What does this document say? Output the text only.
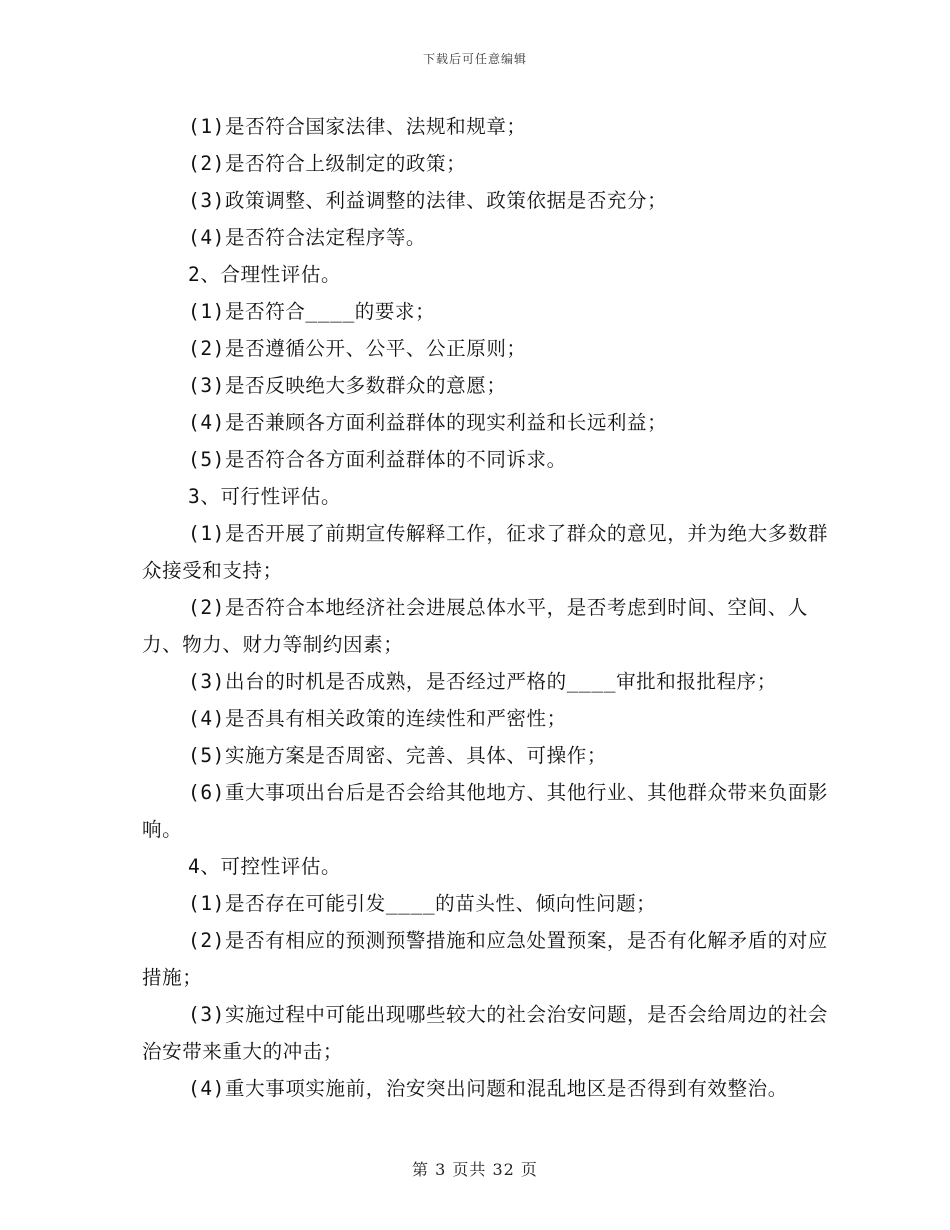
下载后可任意编辑

(1)是否符合国家法律、法规和规章；

(2)是否符合上级制定的政策；

(3)政策调整、利益调整的法律、政策依据是否充分；

(4)是否符合法定程序等。

2、合理性评估。

(1)是否符合____的要求；

(2)是否遵循公开、公平、公正原则；

(3)是否反映绝大多数群众的意愿；

(4)是否兼顾各方面利益群体的现实利益和长远利益；

(5)是否符合各方面利益群体的不同诉求。

3、可行性评估。

(1)是否开展了前期宣传解释工作，征求了群众的意见，并为绝大多数群众接受和支持；

(2)是否符合本地经济社会进展总体水平，是否考虑到时间、空间、人力、物力、财力等制约因素；

(3)出台的时机是否成熟，是否经过严格的____审批和报批程序；

(4)是否具有相关政策的连续性和严密性；

(5)实施方案是否周密、完善、具体、可操作；

(6)重大事项出台后是否会给其他地方、其他行业、其他群众带来负面影响。

4、可控性评估。

(1)是否存在可能引发____的苗头性、倾向性问题；

(2)是否有相应的预测预警措施和应急处置预案，是否有化解矛盾的对应措施；

(3)实施过程中可能出现哪些较大的社会治安问题，是否会给周边的社会治安带来重大的冲击；

(4)重大事项实施前，治安突出问题和混乱地区是否得到有效整治。

第 3 页共 32 页
